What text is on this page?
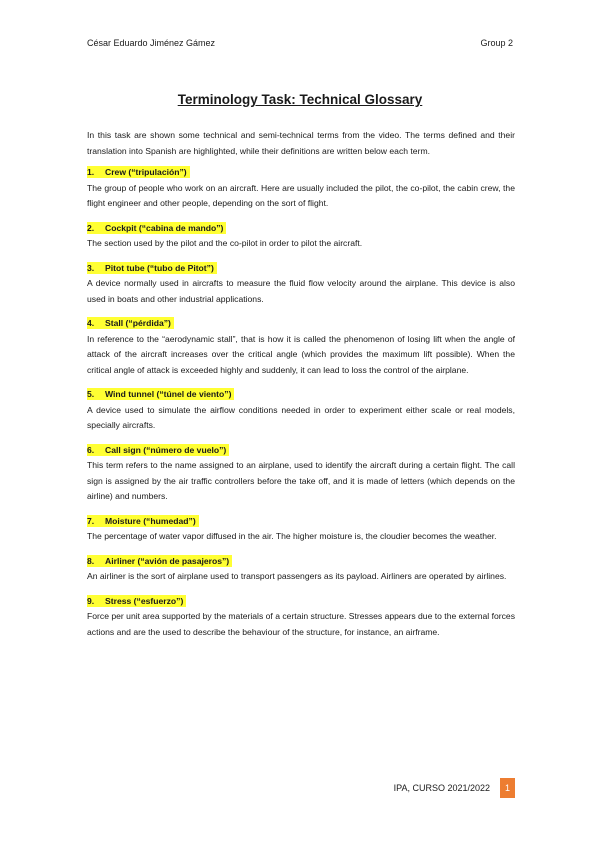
César Eduardo Jiménez Gámez	Group 2
Terminology Task: Technical Glossary

In this task are shown some technical and semi-technical terms from the video. The terms defined and their translation into Spanish are highlighted, while their definitions are written below each term.

1. Crew (“tripulación”)

The group of people who work on an aircraft. Here are usually included the pilot, the co-pilot, the cabin crew, the flight engineer and other people, depending on the sort of flight.

2. Cockpit (“cabina de mando”)

The section used by the pilot and the co-pilot in order to pilot the aircraft.

3. Pitot tube (“tubo de Pitot”)

A device normally used in aircrafts to measure the fluid flow velocity around the airplane. This device is also used in boats and other industrial applications.

4. Stall (“pérdida”)

In reference to the “aerodynamic stall”, that is how it is called the phenomenon of losing lift when the angle of attack of the aircraft increases over the critical angle (which provides the maximum lift possible). When the critical angle of attack is exceeded highly and suddenly, it can lead to loss the control of the airplane.

5. Wind tunnel (“túnel de viento”)

A device used to simulate the airflow conditions needed in order to experiment either scale or real models, specially aircrafts.

6. Call sign (“número de vuelo”)

This term refers to the name assigned to an airplane, used to identify the aircraft during a certain flight. The call sign is assigned by the air traffic controllers before the take off, and it is made of letters (which depends on the airline) and numbers.

7. Moisture (“humedad”)

The percentage of water vapor diffused in the air. The higher moisture is, the cloudier becomes the weather.

8. Airliner (“avión de pasajeros”)

An airliner is the sort of airplane used to transport passengers as its payload. Airliners are operated by airlines.

9. Stress (“esfuerzo”)

Force per unit area supported by the materials of a certain structure. Stresses appears due to the external forces actions and are the used to describe the behaviour of the structure, for instance, an airframe.

IPA, CURSO 2021/2022	1
